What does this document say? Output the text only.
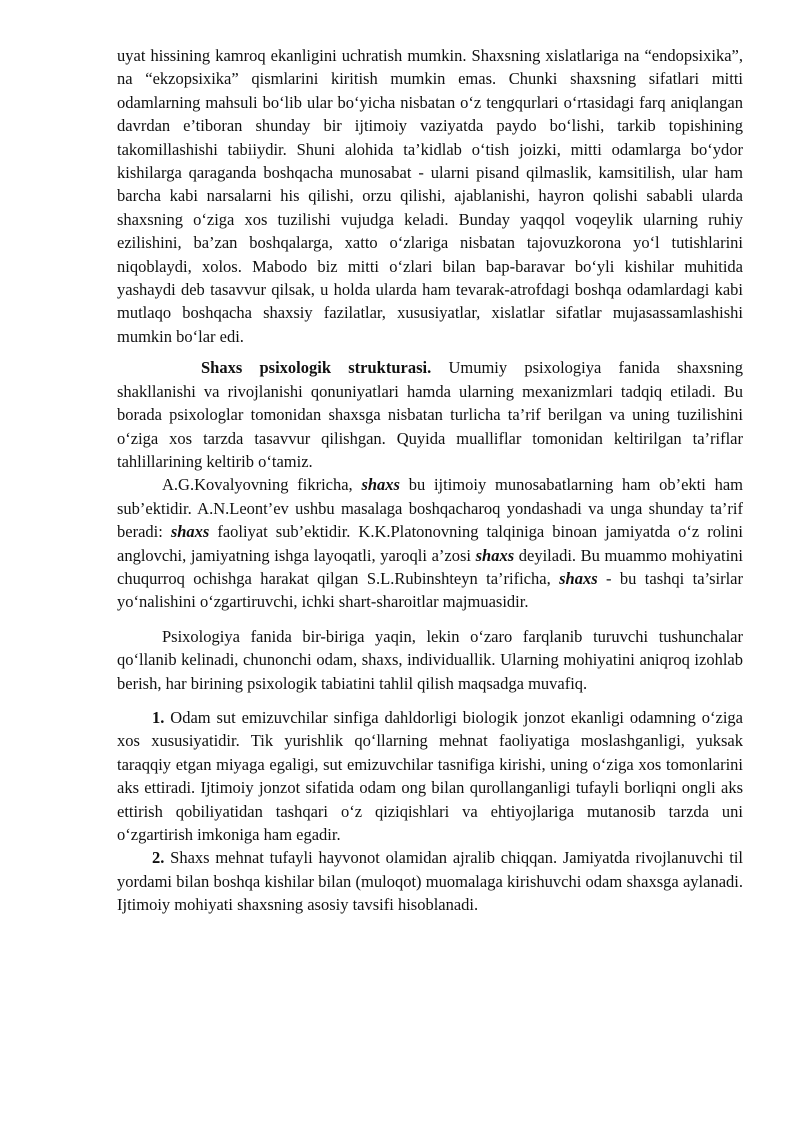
uyat hissining kamroq ekanligini uchratish mumkin. Shaxsning xislatlariga na “endopsixika”, na “ekzopsixika” qismlarini kiritish mumkin emas. Chunki shaxsning sifatlari mitti odamlarning mahsuli bo‘lib ular bo‘yicha nisbatan o‘z tengqurlari o‘rtasidagi farq aniqlangan davrdan e’tiboran shunday bir ijtimoiy vaziyatda paydo bo‘lishi, tarkib topishining takomillashishi tabiiydir. Shuni alohida ta’kidlab o‘tish joizki, mitti odamlarga bo‘ydor kishilarga qaraganda boshqacha munosabat - ularni pisand qilmaslik, kamsitilish, ular ham barcha kabi narsalarni his qilishi, orzu qilishi, ajablanishi, hayron qolishi sababli ularda shaxsning o‘ziga xos tuzilishi vujudga keladi. Bunday yaqqol voqeylik ularning ruhiy ezilishini, ba’zan boshqalarga, xatto o‘zlariga nisbatan tajovuzkorona yo‘l tutishlarini niqoblaydi, xolos. Mabodo biz mitti o‘zlari bilan bap-baravar bo‘yli kishilar muhitida yashaydi deb tasavvur qilsak, u holda ularda ham tevarak-atrofdagi boshqa odamlardagi kabi mutlaqo boshqacha shaxsiy fazilatlar, xususiyatlar, xislatlar sifatlar mujasassamlashishi mumkin bo‘lar edi.

Shaxs psixologik strukturasi. Umumiy psixologiya fanida shaxsning shakllanishi va rivojlanishi qonuniyatlari hamda ularning mexanizmlari tadqiq etiladi. Bu borada psixologlar tomonidan shaxsga nisbatan turlicha ta’rif berilgan va uning tuzilishini o‘ziga xos tarzda tasavvur qilishgan. Quyida mualliflar tomonidan keltirilgan ta’riflar tahlillarining keltirib o‘tamiz.

A.G.Kovalyovning fikricha, shaxs bu ijtimoiy munosabatlarning ham ob’ekti ham sub’ektidir. A.N.Leont’ev ushbu masalaga boshqacharoq yondashadi va unga shunday ta’rif beradi: shaxs faoliyat sub’ektidir. K.K.Platonovning talqiniga binoan jamiyatda o‘z rolini anglovchi, jamiyatning ishga layoqatli, yaroqli a’zosi shaxs deyiladi. Bu muammo mohiyatini chuqurroq ochishga harakat qilgan S.L.Rubinshteyn ta’rificha, shaxs - bu tashqi ta’sirlar yo‘nalishini o‘zgartiruvchi, ichki shart-sharoitlar majmuasidir.

Psixologiya fanida bir-biriga yaqin, lekin o‘zaro farqlanib turuvchi tushunchalar qo‘llanib kelinadi, chunonchi odam, shaxs, individuallik. Ularning mohiyatini aniqroq izohlab berish, har birining psixologik tabiatini tahlil qilish maqsadga muvafiq.

1. Odam sut emizuvchilar sinfiga dahldorligi biologik jonzot ekanligi odamning o‘ziga xos xususiyatidir. Tik yurishlik qo‘llarning mehnat faoliyatiga moslashganligi, yuksak taraqqiy etgan miyaga egaligi, sut emizuvchilar tasnifiga kirishi, uning o‘ziga xos tomonlarini aks ettiradi. Ijtimoiy jonzot sifatida odam ong bilan qurollanganligi tufayli borliqni ongli aks ettirish qobiliyatidan tashqari o‘z qiziqishlari va ehtiyojlariga mutanosib tarzda uni o‘zgartirish imkoniga ham egadir.

2. Shaxs mehnat tufayli hayvonot olamidan ajralib chiqqan. Jamiyatda rivojlanuvchi til yordami bilan boshqa kishilar bilan (muloqot) muomalaga kirishuvchi odam shaxsga aylanadi. Ijtimoiy mohiyati shaxsning asosiy tavsifi hisoblanadi.
